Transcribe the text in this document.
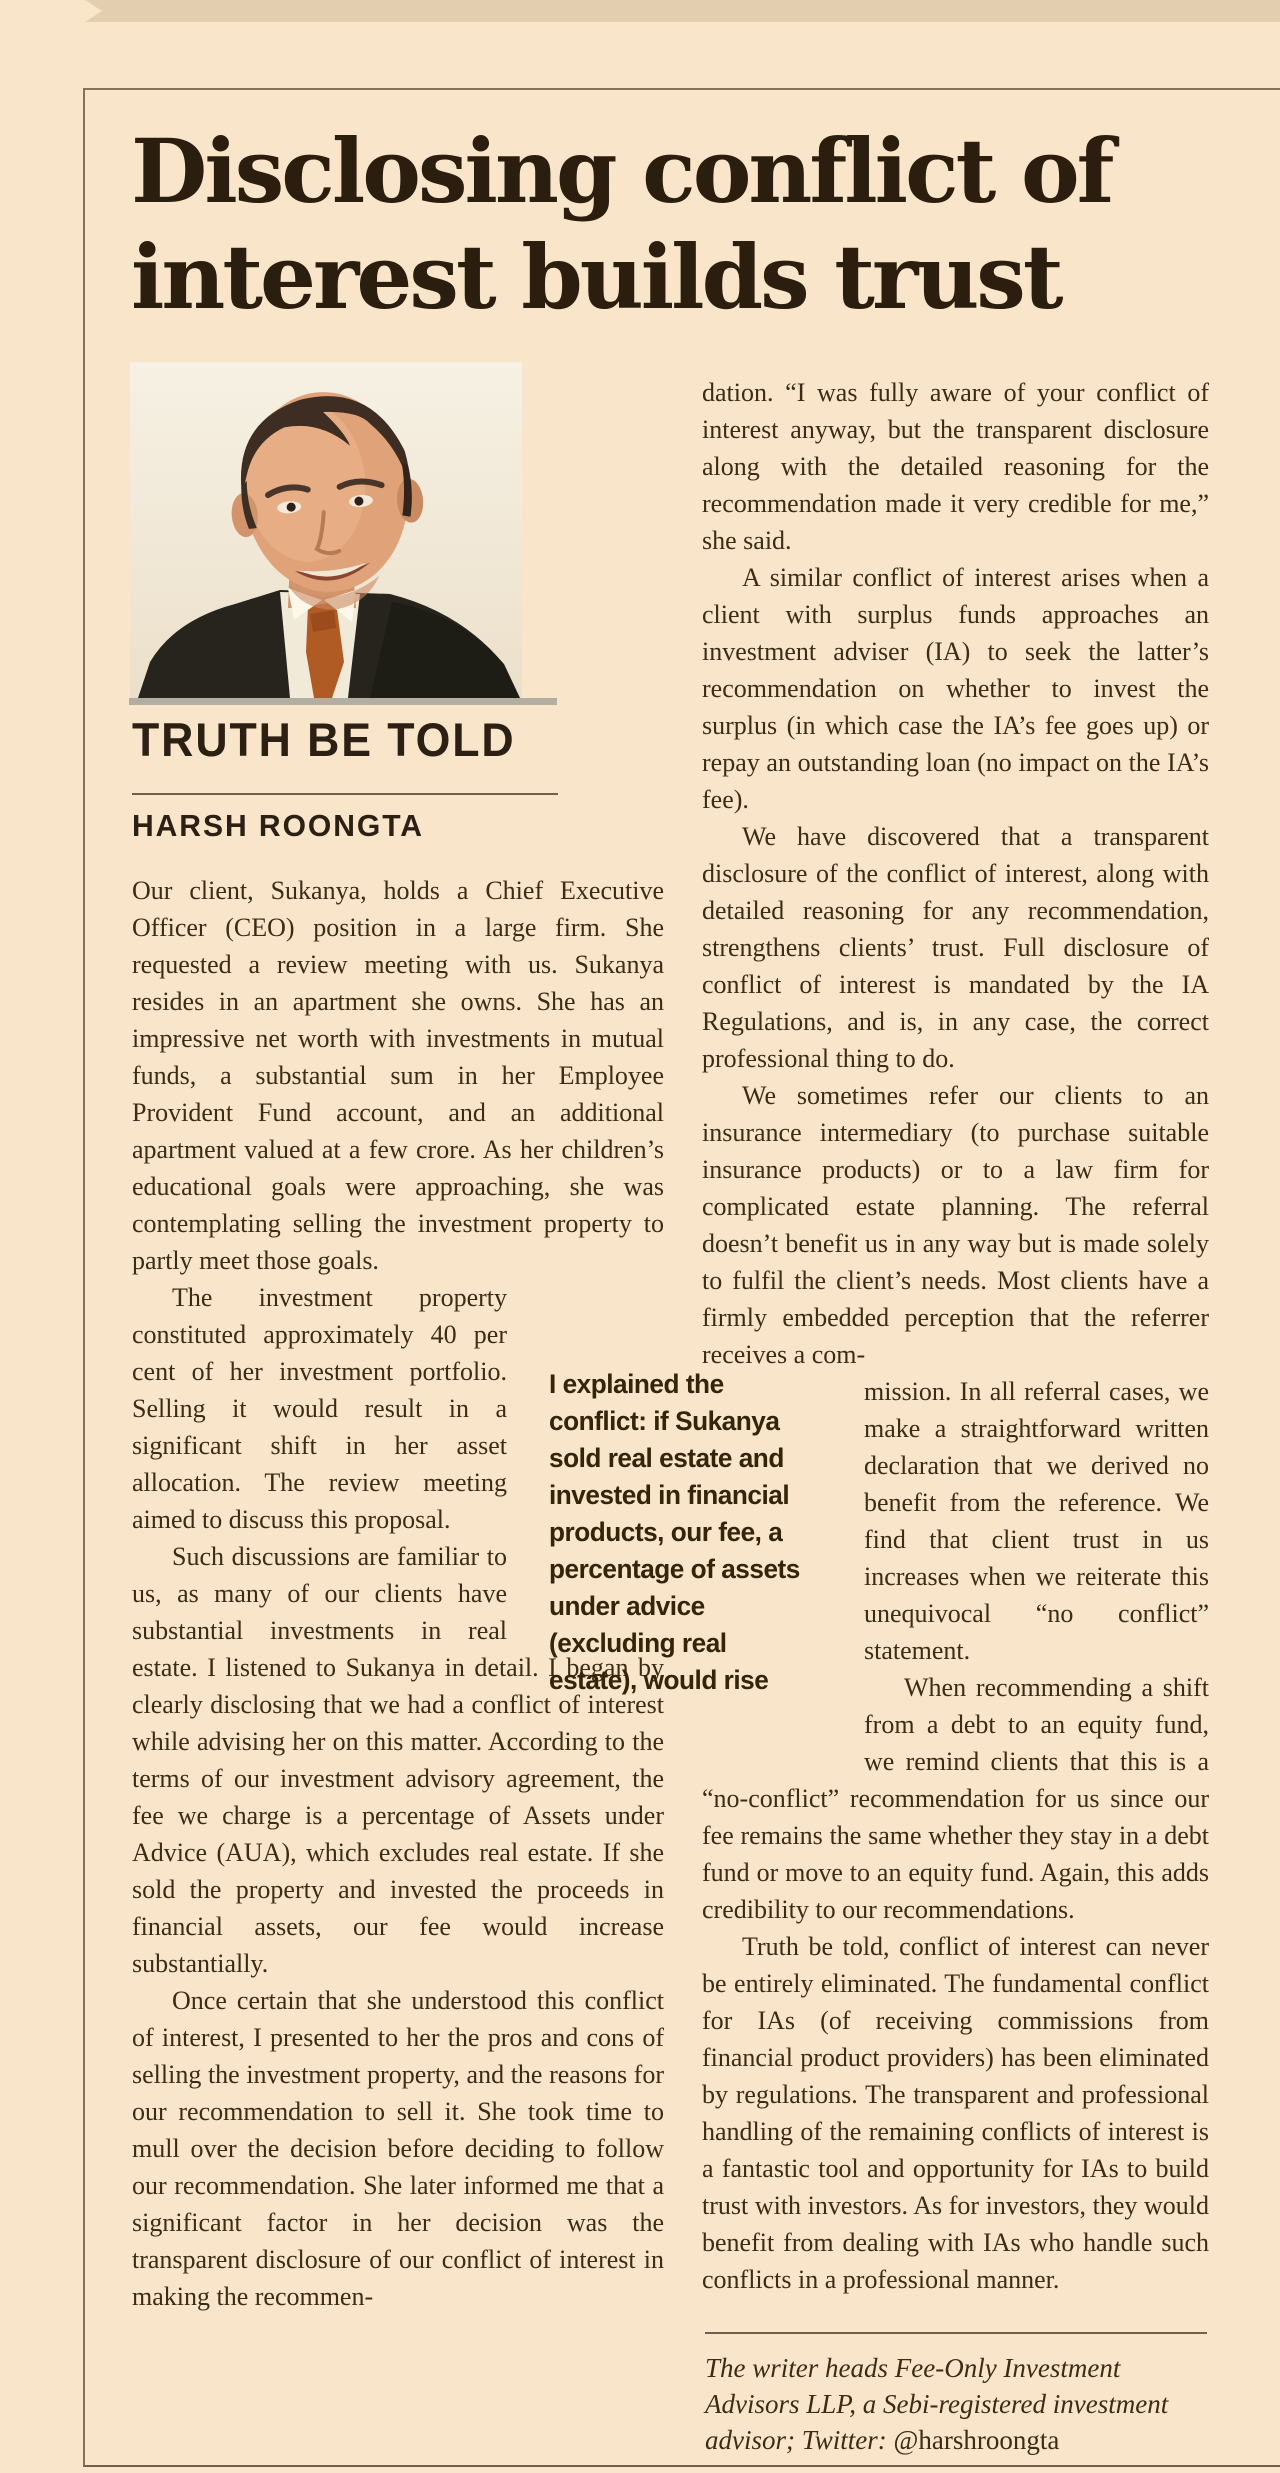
Disclosing conflict of
interest builds trust
TRUTH BE TOLD
HARSH ROONGTA

Our client, Sukanya, holds a Chief Executive Officer (CEO) position in a large firm. She requested a review meeting with us. Sukanya resides in an apartment she owns. She has an impressive net worth with investments in mutual funds, a substantial sum in her Employee Provident Fund account, and an additional apartment valued at a few crore. As her children’s educational goals were approaching, she was contemplating selling the investment property to partly meet those goals.

The investment property constituted approximately 40 per cent of her investment portfolio. Selling it would result in a significant shift in her asset allocation. The review meeting aimed to discuss this proposal.

Such discussions are familiar to us, as many of our clients have substantial investments in real estate. I listened to Sukanya in detail. I began by clearly disclosing that we had a conflict of interest while advising her on this matter. According to the terms of our investment advisory agreement, the fee we charge is a percentage of Assets under Advice (AUA), which excludes real estate. If she sold the property and invested the proceeds in financial assets, our fee would increase substantially.

Once certain that she understood this conflict of interest, I presented to her the pros and cons of selling the investment property, and the reasons for our recommendation to sell it. She took time to mull over the decision before deciding to follow our recommendation. She later informed me that a significant factor in her decision was the transparent disclosure of our conflict of interest in making the recommen-

I explained the conflict: if Sukanya sold real estate and invested in financial products, our fee, a percentage of assets under advice (excluding real estate), would rise

dation. “I was fully aware of your conflict of interest anyway, but the transparent disclosure along with the detailed reasoning for the recommendation made it very credible for me,” she said.

A similar conflict of interest arises when a client with surplus funds approaches an investment adviser (IA) to seek the latter’s recommendation on whether to invest the surplus (in which case the IA’s fee goes up) or repay an outstanding loan (no impact on the IA’s fee).

We have discovered that a transparent disclosure of the conflict of interest, along with detailed reasoning for any recommendation, strengthens clients’ trust. Full disclosure of conflict of interest is mandated by the IA Regulations, and is, in any case, the correct professional thing to do.

We sometimes refer our clients to an insurance intermediary (to purchase suitable insurance products) or to a law firm for complicated estate planning. The referral doesn’t benefit us in any way but is made solely to fulfil the client’s needs. Most clients have a firmly embedded perception that the referrer receives a com-

mission. In all referral cases, we make a straightforward written declaration that we derived no benefit from the reference. We find that client trust in us increases when we reiterate this unequivocal “no conflict” statement.

When recommending a shift from a debt to an equity fund, we remind clients that this is a “no-conflict” recommendation for us since our fee remains the same whether they stay in a debt fund or move to an equity fund. Again, this adds credibility to our recommendations.

Truth be told, conflict of interest can never be entirely eliminated. The fundamental conflict for IAs (of receiving commissions from financial product providers) has been eliminated by regulations. The transparent and professional handling of the remaining conflicts of interest is a fantastic tool and opportunity for IAs to build trust with investors. As for investors, they would benefit from dealing with IAs who handle such conflicts in a professional manner.

The writer heads Fee-Only Investment Advisors LLP, a Sebi-registered investment advisor; Twitter: @harshroongta
